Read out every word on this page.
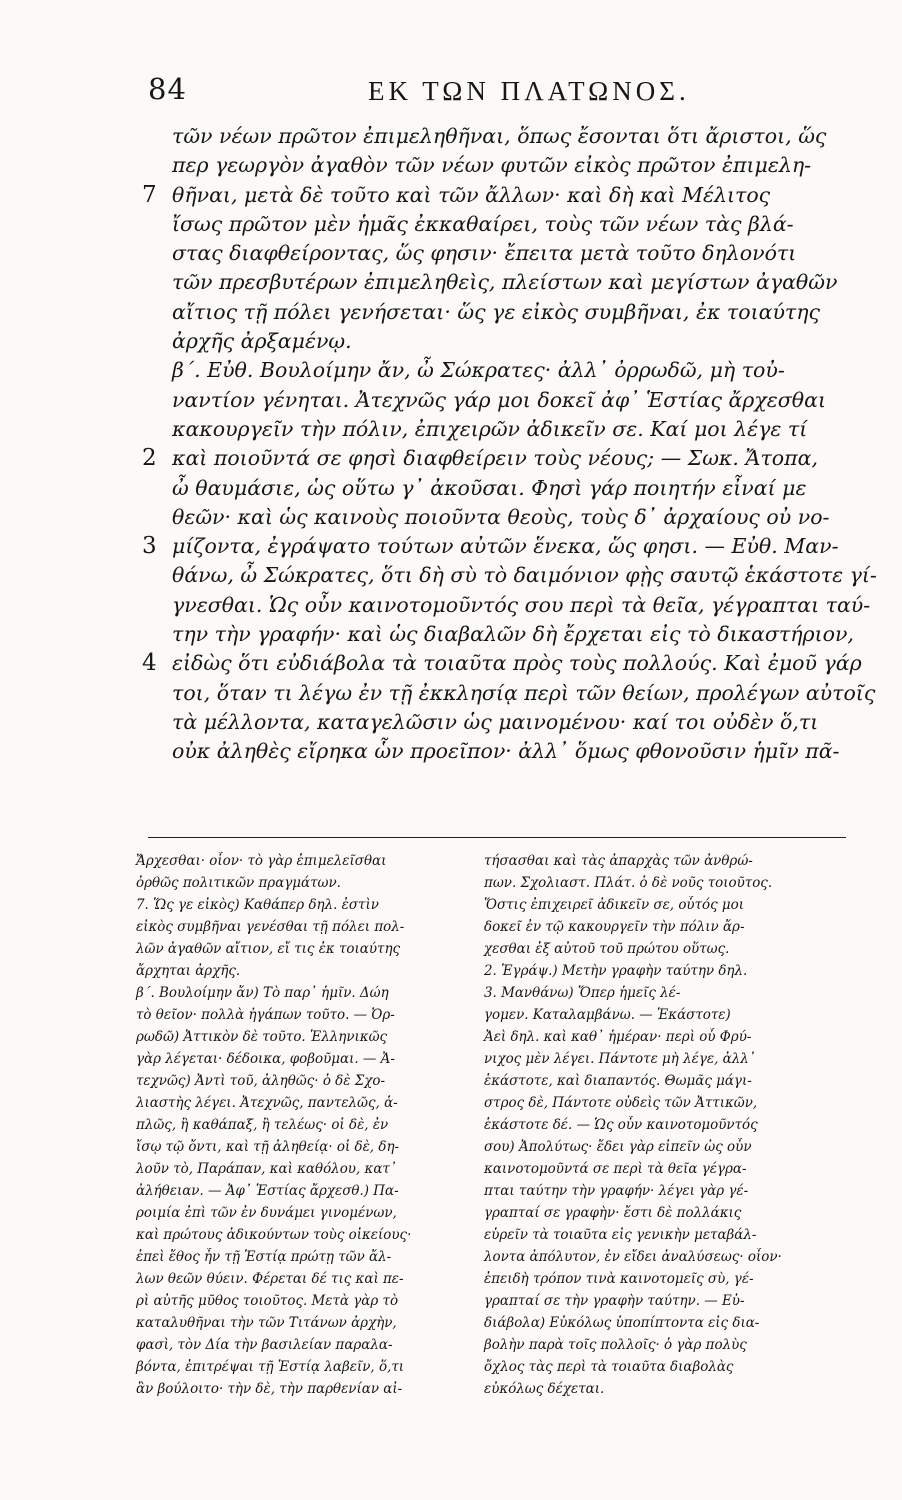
84	ΕΚ ΤΩΝ ΠΛΑΤΩΝΟΣ.
τῶν νέων πρῶτον ἐπιμεληθῆναι, ὅπως ἔσονται ὅτι ἄριστοι, ὥς
περ γεωργὸν ἀγαθὸν τῶν νέων φυτῶν εἰκὸς πρῶτον ἐπιμελη-
7 θῆναι, μετὰ δὲ τοῦτο καὶ τῶν ἄλλων· καὶ δὴ καὶ Μέλιτος
ἴσως πρῶτον μὲν ἡμᾶς ἐκκαθαίρει, τοὺς τῶν νέων τὰς βλά-
στας διαφθείροντας, ὥς φησιν· ἔπειτα μετὰ τοῦτο δηλονότι
τῶν πρεσβυτέρων ἐπιμεληθεὶς, πλείστων καὶ μεγίστων ἀγαθῶν
αἴτιος τῇ πόλει γενήσεται· ὥς γε εἰκὸς συμβῆναι, ἐκ τοιαύτης
ἀρχῆς ἀρξαμένῳ.
β΄. Εὐθ. Βουλοίμην ἄν, ὦ Σώκρατες· ἀλλ᾽ ὀρρωδῶ, μὴ τοὐ-
ναντίον γένηται. Ἀτεχνῶς γάρ μοι δοκεῖ ἀφ᾽ Ἑστίας ἄρχεσθαι
κακουργεῖν τὴν πόλιν, ἐπιχειρῶν ἀδικεῖν σε. Καί μοι λέγε τί
2 καὶ ποιοῦντά σε φησὶ διαφθείρειν τοὺς νέους; — Σωκ. Ἄτοπα,
ὦ θαυμάσιε, ὡς οὕτω γ᾽ ἀκοῦσαι. Φησὶ γάρ ποιητήν εἶναί με
θεῶν· καὶ ὡς καινοὺς ποιοῦντα θεοὺς, τοὺς δ᾽ ἀρχαίους οὐ νο-
3 μίζοντα, ἐγράψατο τούτων αὐτῶν ἕνεκα, ὥς φησι. — Εὐθ. Μαν-
θάνω, ὦ Σώκρατες, ὅτι δὴ σὺ τὸ δαιμόνιον φῂς σαυτῷ ἑκάστοτε γί-
γνεσθαι. Ὡς οὖν καινοτομοῦντός σου περὶ τὰ θεῖα, γέγραπται ταύ-
την τὴν γραφήν· καὶ ὡς διαβαλῶν δὴ ἔρχεται εἰς τὸ δικαστήριον,
4 εἰδὼς ὅτι εὐδιάβολα τὰ τοιαῦτα πρὸς τοὺς πολλούς. Καὶ ἐμοῦ γάρ
τοι, ὅταν τι λέγω ἐν τῇ ἐκκλησίᾳ περὶ τῶν θείων, προλέγων αὐτοῖς
τὰ μέλλοντα, καταγελῶσιν ὡς μαινομένου· καί τοι οὐδὲν ὅ,τι
οὐκ ἀληθὲς εἴρηκα ὧν προεῖπον· ἀλλ᾽ ὅμως φθονοῦσιν ἡμῖν πᾶ-
Ἄρχεσθαι· οἷον· τὸ γὰρ ἐπιμελεῖσθαιὀρθῶς πολιτικῶν πραγμάτων.7. Ὥς γε εἰκὸς) Καθάπερ δηλ. ἐστὶνεἰκὸς συμβῆναι γενέσθαι τῇ πόλει πολ-λῶν ἀγαθῶν αἴτιον, εἴ τις ἐκ τοιαύτηςἄρχηται ἀρχῆς.β΄. Βουλοίμην ἄν) Τὸ παρ᾽ ἡμῖν. Δώητὸ θεῖον· πολλὰ ἠγάπων τοῦτο. — Ὀρ-ρωδῶ) Ἀττικὸν δὲ τοῦτο. Ἑλληνικῶςγὰρ λέγεται· δέδοικα, φοβοῦμαι. — Ἀ-τεχνῶς) Ἀντὶ τοῦ, ἀληθῶς· ὁ δὲ Σχο-λιαστὴς λέγει. Ἀτεχνῶς, παντελῶς, ἁ-πλῶς, ἢ καθάπαξ, ἢ τελέως· οἱ δὲ, ἐνἴσῳ τῷ ὄντι, καὶ τῇ ἀληθείᾳ· οἱ δὲ, δη-λοῦν τὸ, Παράπαν, καὶ καθόλου, κατ᾽ἀλήθειαν. — Ἀφ᾽ Ἑστίας ἄρχεσθ.) Πα-ροιμία ἐπὶ τῶν ἐν δυνάμει γινομένων,καὶ πρώτους ἀδικούντων τοὺς οἰκείους·ἐπεὶ ἔθος ἦν τῇ Ἑστίᾳ πρώτῃ τῶν ἄλ-λων θεῶν θύειν. Φέρεται δέ τις καὶ πε-ρὶ αὐτῆς μῦθος τοιοῦτος. Μετὰ γὰρ τὸκαταλυθῆναι τὴν τῶν Τιτάνων ἀρχὴν,φασὶ, τὸν Δία τὴν βασιλείαν παραλα-βόντα, ἐπιτρέψαι τῇ Ἑστίᾳ λαβεῖν, ὅ,τιἂν βούλοιτο· τὴν δὲ, τὴν παρθενίαν αἰ-
τήσασθαι καὶ τὰς ἀπαρχὰς τῶν ἀνθρώ-πων. Σχολιαστ. Πλάτ. ὁ δὲ νοῦς τοιοῦτος.Ὅστις ἐπιχειρεῖ ἀδικεῖν σε, οὗτός μοιδοκεῖ ἐν τῷ κακουργεῖν τὴν πόλιν ἄρ-χεσθαι ἐξ αὐτοῦ τοῦ πρώτου οὕτως.2. Ἐγράψ.) Μετὴν γραφὴν ταύτην δηλ.3. Μανθάνω) Ὅπερ ἡμεῖς λέ-γομεν. Καταλαμβάνω. — Ἑκάστοτε)Ἀεὶ δηλ. καὶ καθ᾽ ἡμέραν· περὶ οὗ Φρύ-νιχος μὲν λέγει. Πάντοτε μὴ λέγε, ἀλλ᾽ἑκάστοτε, καὶ διαπαντός. Θωμᾶς μάγι-στρος δὲ, Πάντοτε οὐδεὶς τῶν Ἀττικῶν,ἑκάστοτε δέ. — Ὡς οὖν καινοτομοῦντόςσου) Ἀπολύτως· ἔδει γὰρ εἰπεῖν ὡς οὖνκαινοτομοῦντά σε περὶ τὰ θεῖα γέγρα-πται ταύτην τὴν γραφήν· λέγει γὰρ γέ-γραπταί σε γραφὴν· ἔστι δὲ πολλάκιςεὑρεῖν τὰ τοιαῦτα εἰς γενικὴν μεταβάλ-λοντα ἀπόλυτον, ἐν εἴδει ἀναλύσεως· οἷον·ἐπειδὴ τρόπον τινὰ καινοτομεῖς σὺ, γέ-γραπταί σε τὴν γραφὴν ταύτην. — Εὐ-διάβολα) Εὐκόλως ὑποπίπτοντα εἰς δια-βολὴν παρὰ τοῖς πολλοῖς· ὁ γὰρ πολὺςὄχλος τὰς περὶ τὰ τοιαῦτα διαβολὰςεὐκόλως δέχεται.
